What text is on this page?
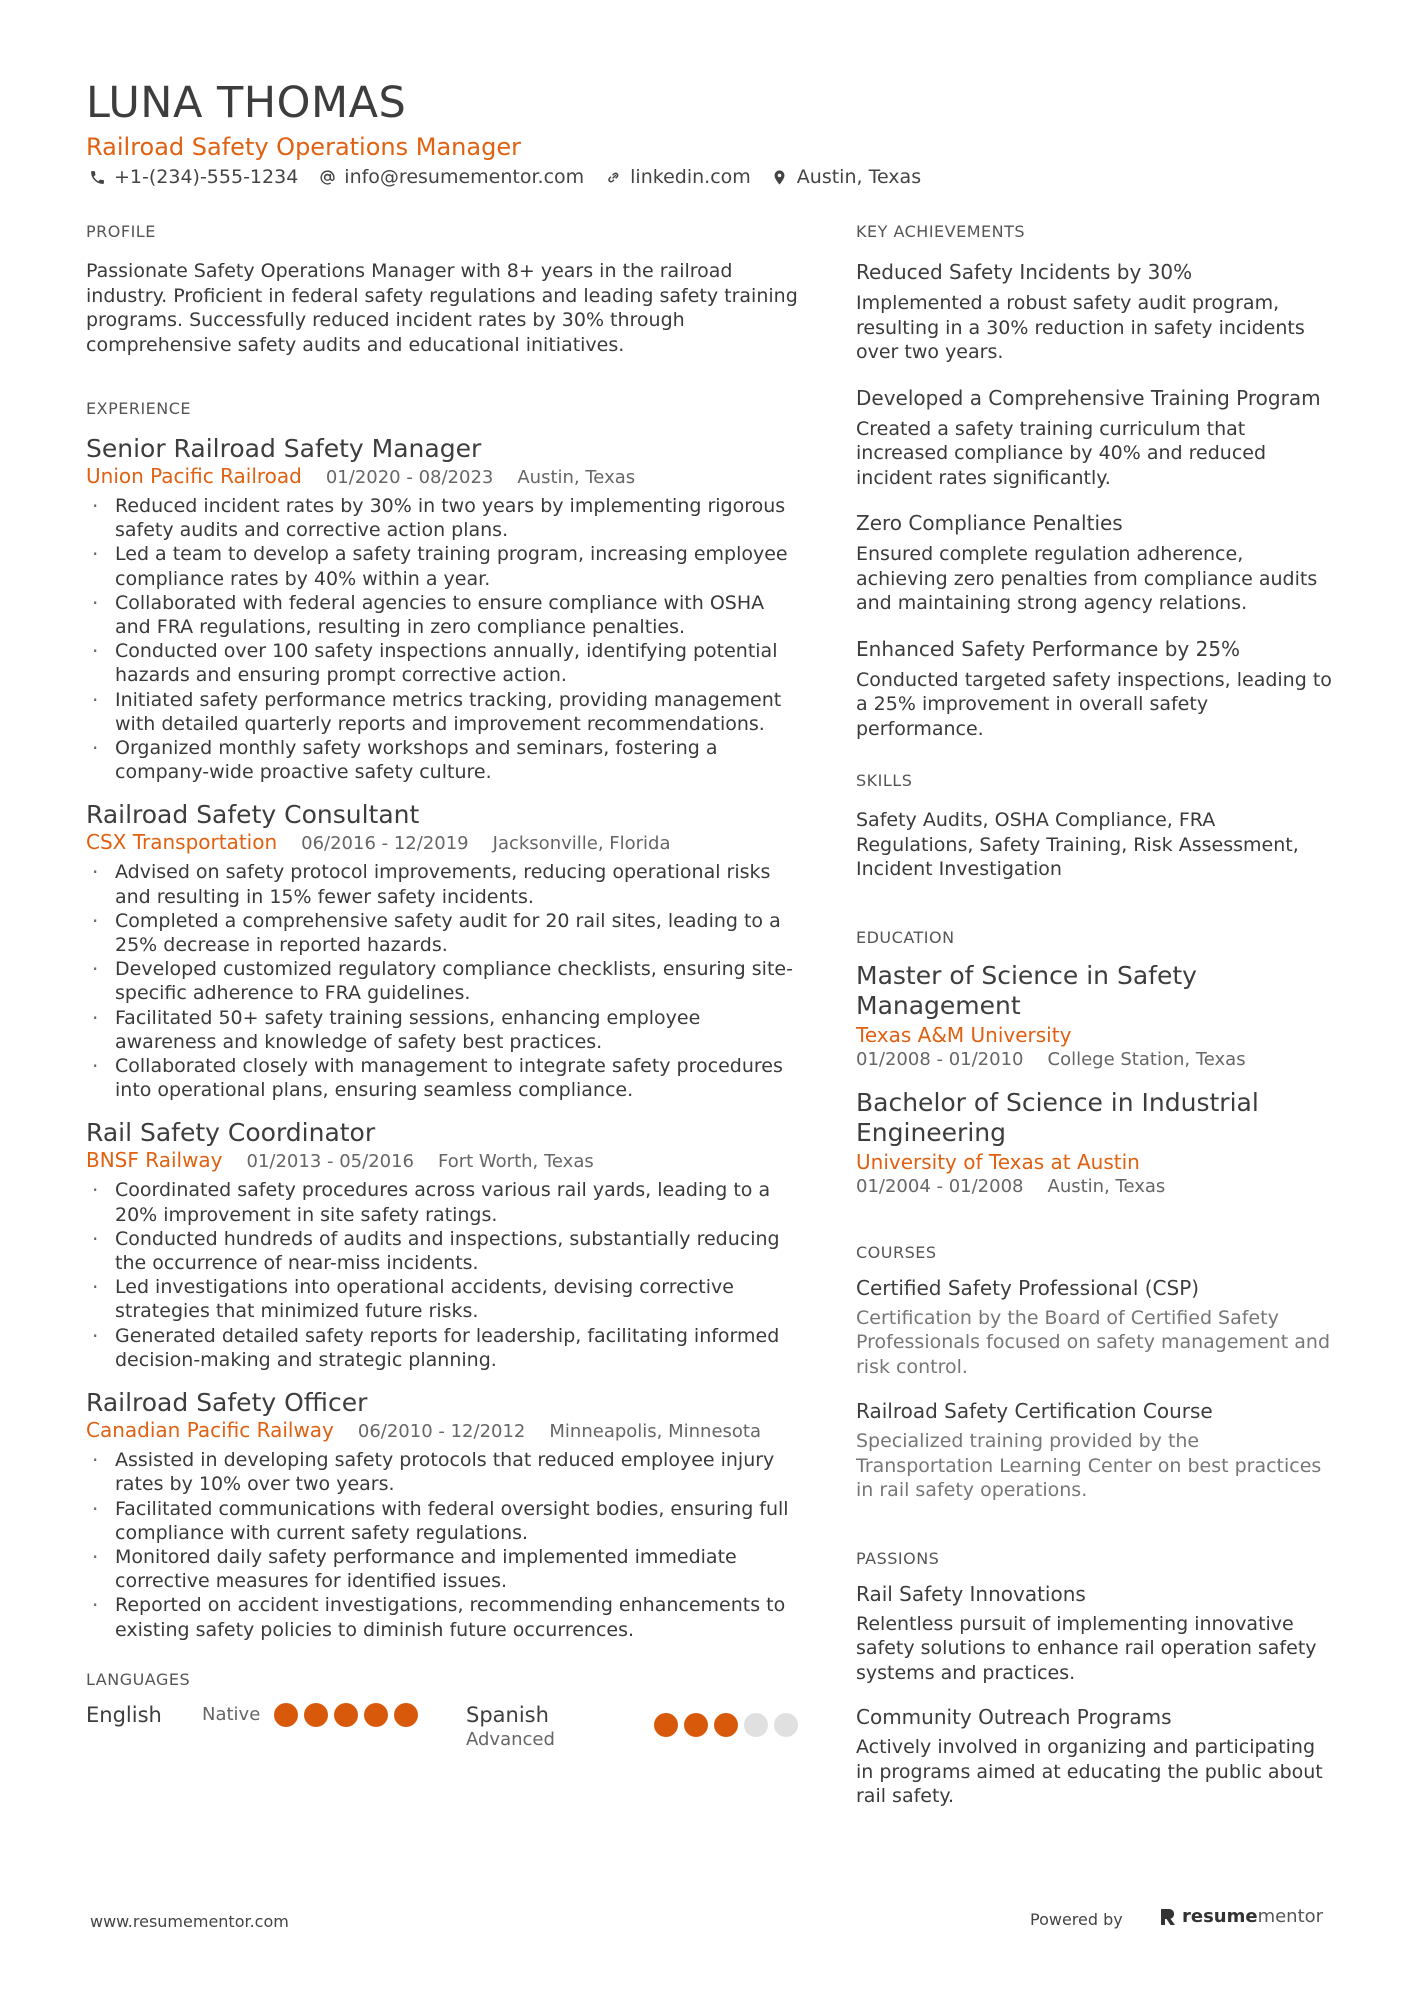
LUNA THOMAS
Railroad Safety Operations Manager
+1-(234)-555-1234 info@resumementor.com linkedin.com Austin, Texas
PROFILE

Passionate Safety Operations Manager with 8+ years in the railroad industry. Proficient in federal safety regulations and leading safety training programs. Successfully reduced incident rates by 30% through comprehensive safety audits and educational initiatives.

EXPERIENCE
Senior Railroad Safety Manager
Union Pacific Railroad 01/2020 - 08/2023 Austin, Texas
· Reduced incident rates by 30% in two years by implementing rigorous safety audits and corrective action plans.
· Led a team to develop a safety training program, increasing employee compliance rates by 40% within a year.
· Collaborated with federal agencies to ensure compliance with OSHA and FRA regulations, resulting in zero compliance penalties.
· Conducted over 100 safety inspections annually, identifying potential hazards and ensuring prompt corrective action.
· Initiated safety performance metrics tracking, providing management with detailed quarterly reports and improvement recommendations.
· Organized monthly safety workshops and seminars, fostering a company-wide proactive safety culture.
Railroad Safety Consultant
CSX Transportation 06/2016 - 12/2019 Jacksonville, Florida
· Advised on safety protocol improvements, reducing operational risks and resulting in 15% fewer safety incidents.
· Completed a comprehensive safety audit for 20 rail sites, leading to a 25% decrease in reported hazards.
· Developed customized regulatory compliance checklists, ensuring site-specific adherence to FRA guidelines.
· Facilitated 50+ safety training sessions, enhancing employee awareness and knowledge of safety best practices.
· Collaborated closely with management to integrate safety procedures into operational plans, ensuring seamless compliance.
Rail Safety Coordinator
BNSF Railway 01/2013 - 05/2016 Fort Worth, Texas
· Coordinated safety procedures across various rail yards, leading to a 20% improvement in site safety ratings.
· Conducted hundreds of audits and inspections, substantially reducing the occurrence of near-miss incidents.
· Led investigations into operational accidents, devising corrective strategies that minimized future risks.
· Generated detailed safety reports for leadership, facilitating informed decision-making and strategic planning.
Railroad Safety Officer
Canadian Pacific Railway 06/2010 - 12/2012 Minneapolis, Minnesota
· Assisted in developing safety protocols that reduced employee injury rates by 10% over two years.
· Facilitated communications with federal oversight bodies, ensuring full compliance with current safety regulations.
· Monitored daily safety performance and implemented immediate corrective measures for identified issues.
· Reported on accident investigations, recommending enhancements to existing safety policies to diminish future occurrences.
LANGUAGES
English	Native	Spanish
Advanced
KEY ACHIEVEMENTS
Reduced Safety Incidents by 30%

Implemented a robust safety audit program, resulting in a 30% reduction in safety incidents over two years.

Developed a Comprehensive Training Program

Created a safety training curriculum that increased compliance by 40% and reduced incident rates significantly.

Zero Compliance Penalties

Ensured complete regulation adherence, achieving zero penalties from compliance audits and maintaining strong agency relations.

Enhanced Safety Performance by 25%

Conducted targeted safety inspections, leading to a 25% improvement in overall safety performance.

SKILLS

Safety Audits, OSHA Compliance, FRA Regulations, Safety Training, Risk Assessment, Incident Investigation

EDUCATION
Master of Science in Safety Management
Texas A&M University
01/2008 - 01/2010 College Station, Texas
Bachelor of Science in Industrial Engineering
University of Texas at Austin
01/2004 - 01/2008 Austin, Texas
COURSES
Certified Safety Professional (CSP)

Certification by the Board of Certified Safety Professionals focused on safety management and risk control.

Railroad Safety Certification Course

Specialized training provided by the Transportation Learning Center on best practices in rail safety operations.

PASSIONS
Rail Safety Innovations

Relentless pursuit of implementing innovative safety solutions to enhance rail operation safety systems and practices.

Community Outreach Programs

Actively involved in organizing and participating in programs aimed at educating the public about rail safety.

www.resumementor.com	Powered by	resume mentor
